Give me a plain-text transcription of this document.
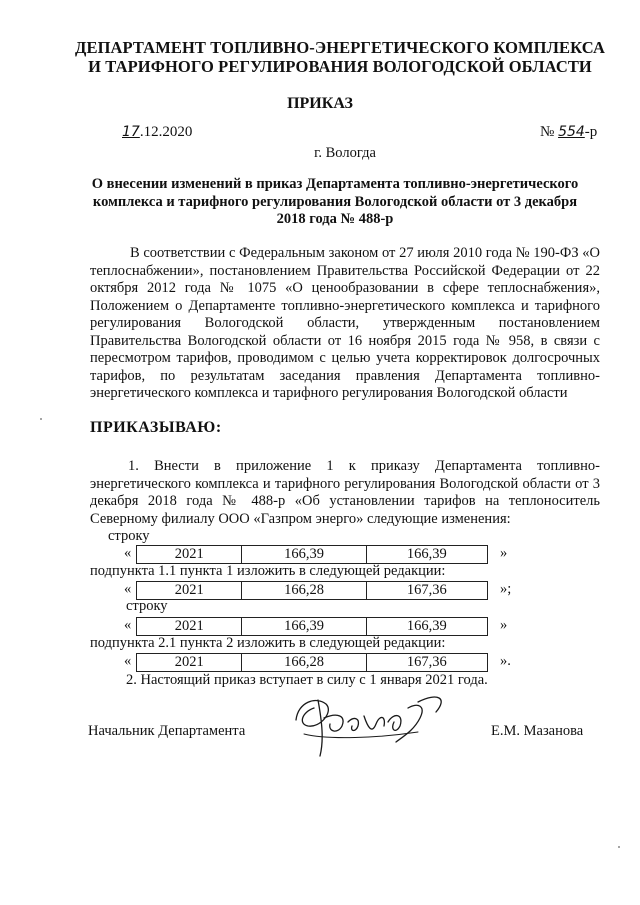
ДЕПАРТАМЕНТ ТОПЛИВНО-ЭНЕРГЕТИЧЕСКОГО КОМПЛЕКСА
И ТАРИФНОГО РЕГУЛИРОВАНИЯ ВОЛОГОДСКОЙ ОБЛАСТИ
ПРИКАЗ
17.12.2020	№ 554-р
г. Вологда
О внесении изменений в приказ Департамента топливно-энергетического комплекса и тарифного регулирования Вологодской области от 3 декабря 2018 года № 488-р
В соответствии с Федеральным законом от 27 июля 2010 года № 190-ФЗ «О теплоснабжении», постановлением Правительства Российской Федерации от 22 октября 2012 года № 1075 «О ценообразовании в сфере теплоснабжения», Положением о Департаменте топливно-энергетического комплекса и тарифного регулирования Вологодской области, утвержденным постановлением Правительства Вологодской области от 16 ноября 2015 года № 958, в связи с пересмотром тарифов, проводимом с целью учета корректировок долгосрочных тарифов, по результатам заседания правления Департамента топливно-энергетического комплекса и тарифного регулирования Вологодской области
ПРИКАЗЫВАЮ:
1. Внести в приложение 1 к приказу Департамента топливно-энергетического комплекса и тарифного регулирования Вологодской области от 3 декабря 2018 года № 488-р «Об установлении тарифов на теплоноситель Северному филиалу ООО «Газпром энерго» следующие изменения:
строку
«	2021	166,39	166,39	»
подпункта 1.1 пункта 1 изложить в следующей редакции:
«	2021	166,28	167,36	»;
строку
«	2021	166,39	166,39	»
подпункта 2.1 пункта 2 изложить в следующей редакции:
«	2021	166,28	167,36	».
2. Настоящий приказ вступает в силу с 1 января 2021 года.
Начальник Департамента	Е.М. Мазанова
